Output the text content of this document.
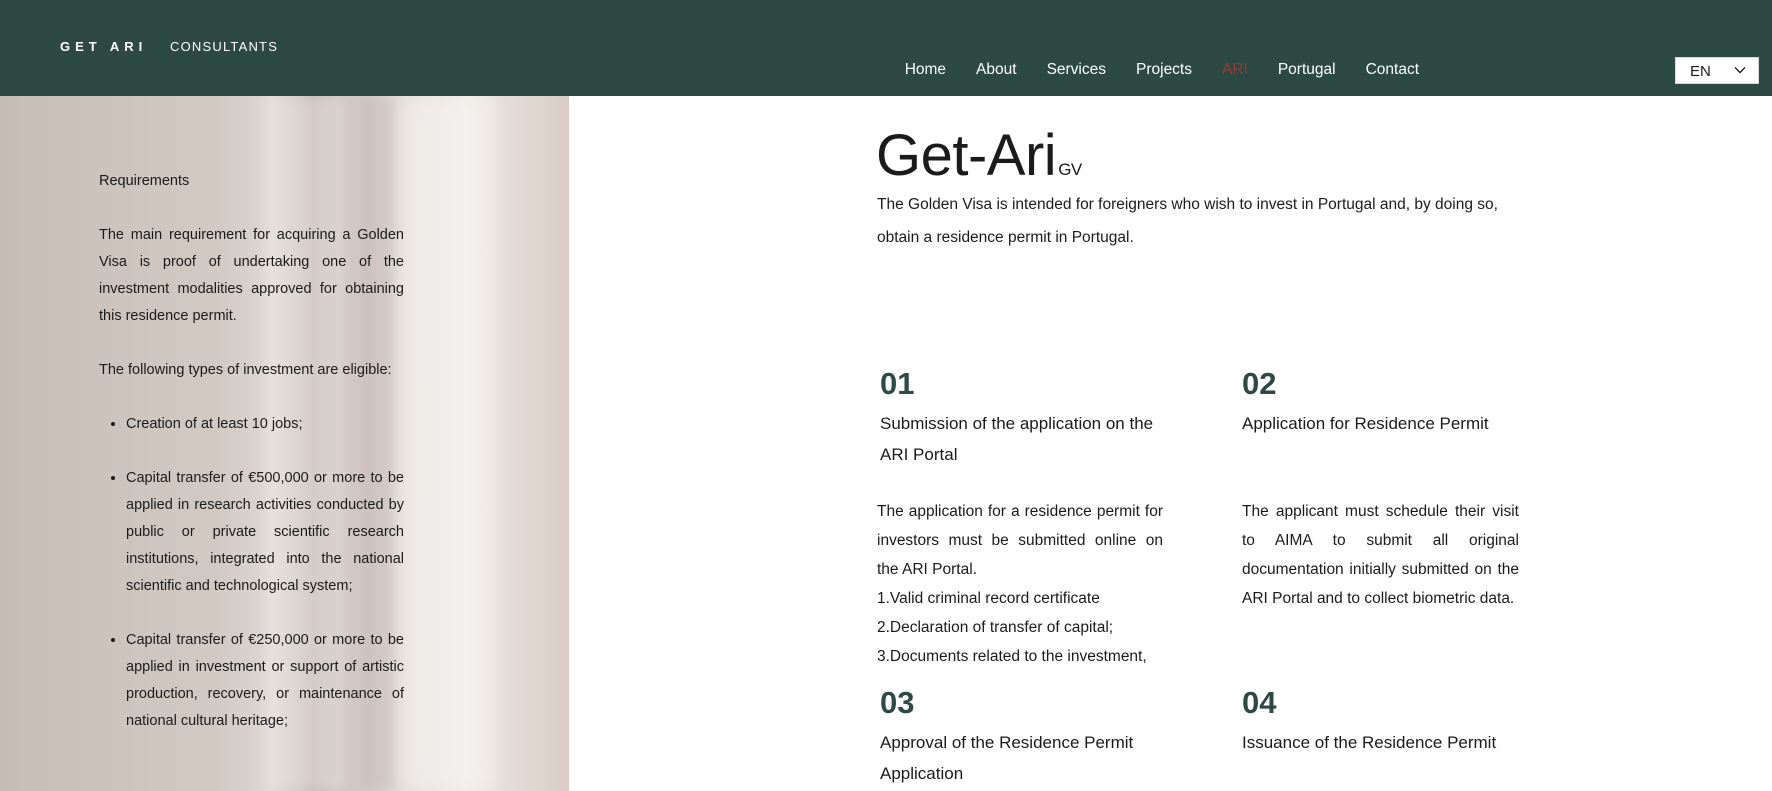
GET ARI CONSULTANTS
Home About Services Projects ARI Portugal Contact	EN
Requirements

The main requirement for acquiring a Golden Visa is proof of undertaking one of the investment modalities approved for obtaining this residence permit.

The following types of investment are eligible:

• Creation of at least 10 jobs;
• Capital transfer of €500,000 or more to be applied in research activities conducted by public or private scientific research institutions, integrated into the national scientific and technological system;
• Capital transfer of €250,000 or more to be applied in investment or support of artistic production, recovery, or maintenance of national cultural heritage;
Get-Ari GV
The Golden Visa is intended for foreigners who wish to invest in Portugal and, by doing so, obtain a residence permit in Portugal.
01
Submission of the application on the ARI Portal
The application for a residence permit for investors must be submitted online on the ARI Portal.
1.Valid criminal record certificate
2.Declaration of transfer of capital;
3.Documents related to the investment,
02
Application for Residence Permit
The applicant must schedule their visit to AIMA to submit all original documentation initially submitted on the ARI Portal and to collect biometric data.
03
Approval of the Residence Permit Application
04
Issuance of the Residence Permit
